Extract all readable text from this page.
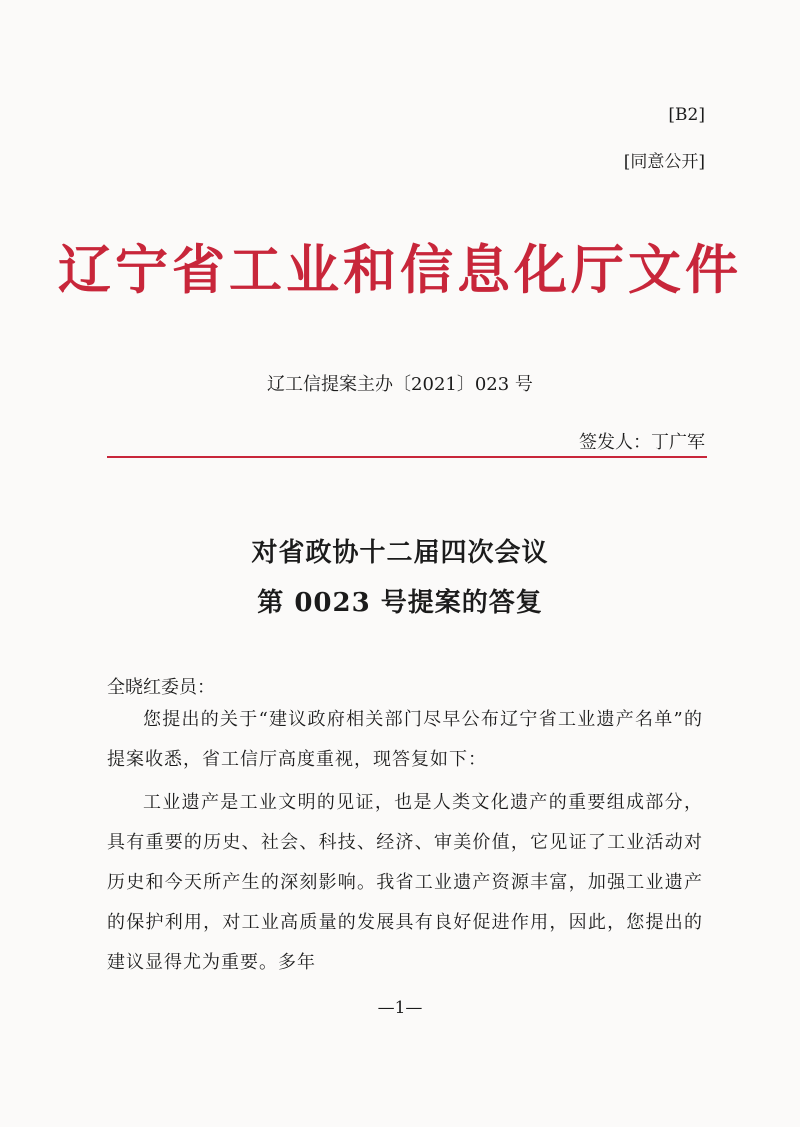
[B2]
[同意公开]
辽宁省工业和信息化厅文件
辽工信提案主办〔2021〕023 号
签发人：丁广军
对省政协十二届四次会议
第 0023 号提案的答复
全晓红委员：
您提出的关于“建议政府相关部门尽早公布辽宁省工业遗产名单”的提案收悉，省工信厅高度重视，现答复如下：
工业遗产是工业文明的见证，也是人类文化遗产的重要组成部分，具有重要的历史、社会、科技、经济、审美价值，它见证了工业活动对历史和今天所产生的深刻影响。我省工业遗产资源丰富，加强工业遗产的保护利用，对工业高质量的发展具有良好促进作用，因此，您提出的建议显得尤为重要。多年
—1—
